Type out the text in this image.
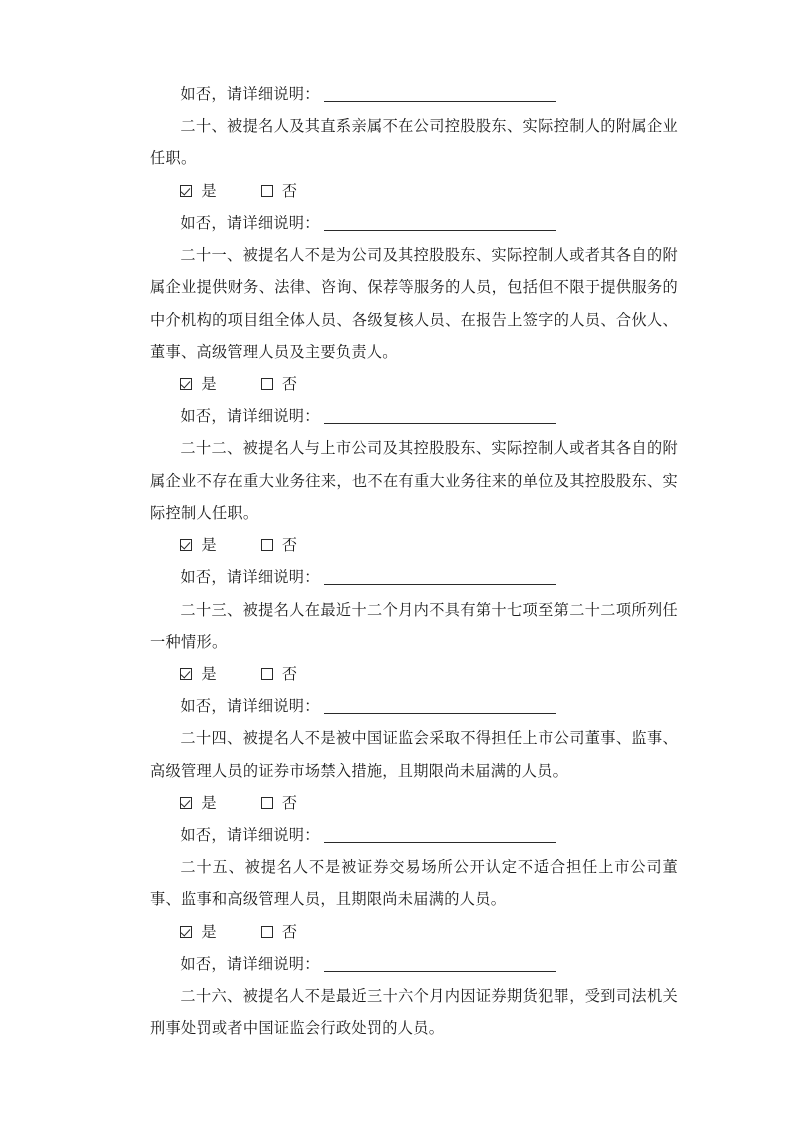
如否，请详细说明：

二十、被提名人及其直系亲属不在公司控股股东、实际控制人的附属企业任职。

是	否

如否，请详细说明：

二十一、被提名人不是为公司及其控股股东、实际控制人或者其各自的附属企业提供财务、法律、咨询、保荐等服务的人员，包括但不限于提供服务的中介机构的项目组全体人员、各级复核人员、在报告上签字的人员、合伙人、董事、高级管理人员及主要负责人。

是	否

如否，请详细说明：

二十二、被提名人与上市公司及其控股股东、实际控制人或者其各自的附属企业不存在重大业务往来，也不在有重大业务往来的单位及其控股股东、实际控制人任职。

是	否

如否，请详细说明：

二十三、被提名人在最近十二个月内不具有第十七项至第二十二项所列任一种情形。

是	否

如否，请详细说明：

二十四、被提名人不是被中国证监会采取不得担任上市公司董事、监事、高级管理人员的证券市场禁入措施，且期限尚未届满的人员。

是	否

如否，请详细说明：

二十五、被提名人不是被证券交易场所公开认定不适合担任上市公司董事、监事和高级管理人员，且期限尚未届满的人员。

是	否

如否，请详细说明：

二十六、被提名人不是最近三十六个月内因证券期货犯罪，受到司法机关刑事处罚或者中国证监会行政处罚的人员。
